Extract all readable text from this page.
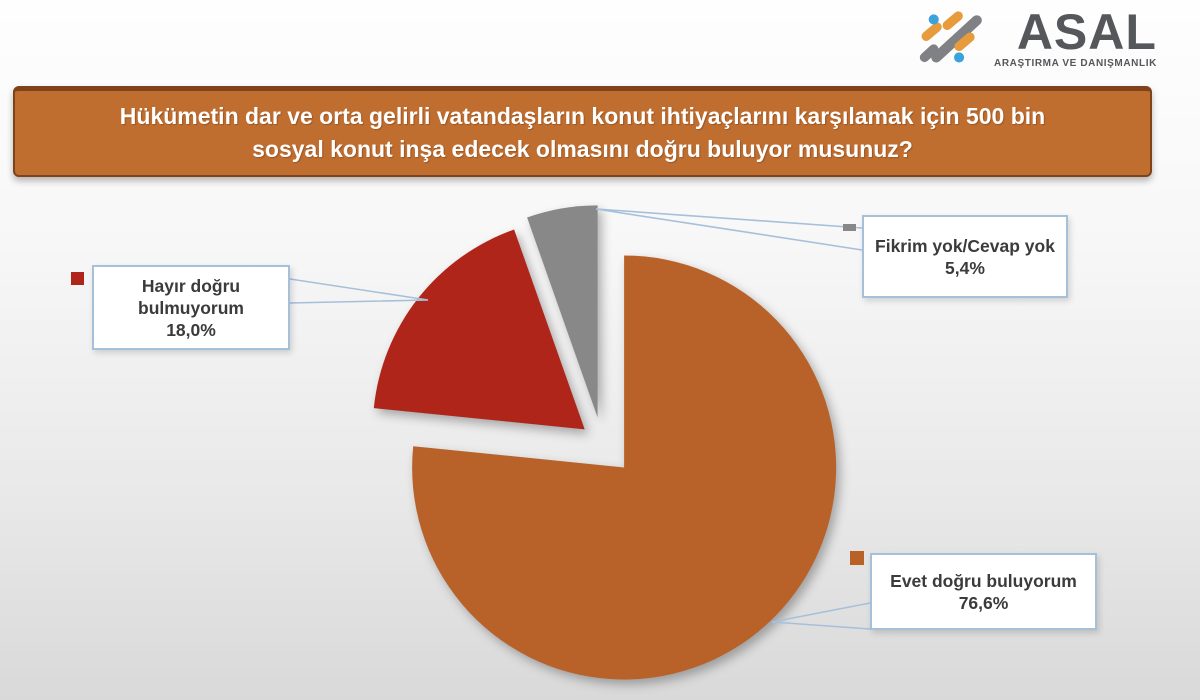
ASAL
ARAŞTIRMA VE DANIŞMANLIK
Hükümetin dar ve orta gelirli vatandaşların konut ihtiyaçlarını karşılamak için 500 bin
sosyal konut inşa edecek olmasını doğru buluyor musunuz?
Hayır doğru bulmuyorum
18,0%
Fikrim yok/Cevap yok
5,4%
Evet doğru buluyorum
76,6%
